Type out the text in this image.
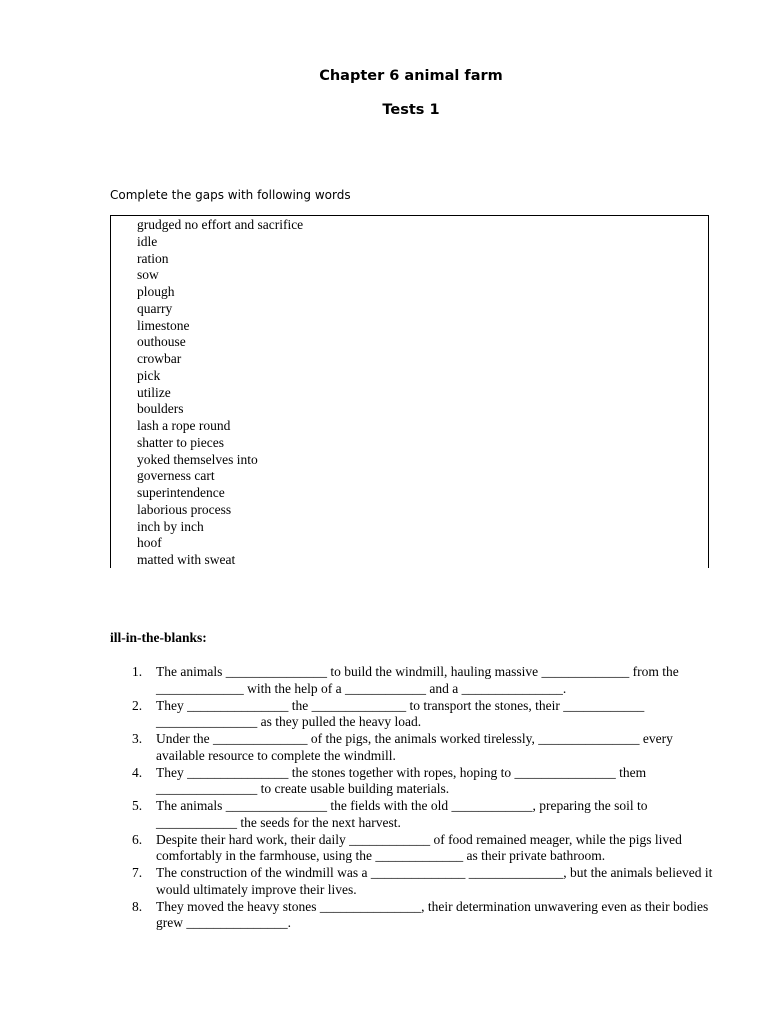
Chapter 6 animal farm
Tests 1

Complete the gaps with following words

grudged no effort and sacrifice
idle
ration
sow
plough
quarry
limestone
outhouse
crowbar
pick
utilize
boulders
lash a rope round
shatter to pieces
yoked themselves into
governess cart
superintendence
laborious process
inch by inch
hoof
matted with sweat

ill-in-the-blanks:

1. The animals _______________ to build the windmill, hauling massive _____________ from the _____________ with the help of a ____________ and a _______________.
2. They _______________ the ______________ to transport the stones, their ____________ _______________ as they pulled the heavy load.
3. Under the ______________ of the pigs, the animals worked tirelessly, _______________ every available resource to complete the windmill.
4. They _______________ the stones together with ropes, hoping to _______________ them _______________ to create usable building materials.
5. The animals _______________ the fields with the old ____________, preparing the soil to ____________ the seeds for the next harvest.
6. Despite their hard work, their daily ____________ of food remained meager, while the pigs lived comfortably in the farmhouse, using the _____________ as their private bathroom.
7. The construction of the windmill was a ______________ ______________, but the animals believed it would ultimately improve their lives.
8. They moved the heavy stones _______________, their determination unwavering even as their bodies grew _______________.
